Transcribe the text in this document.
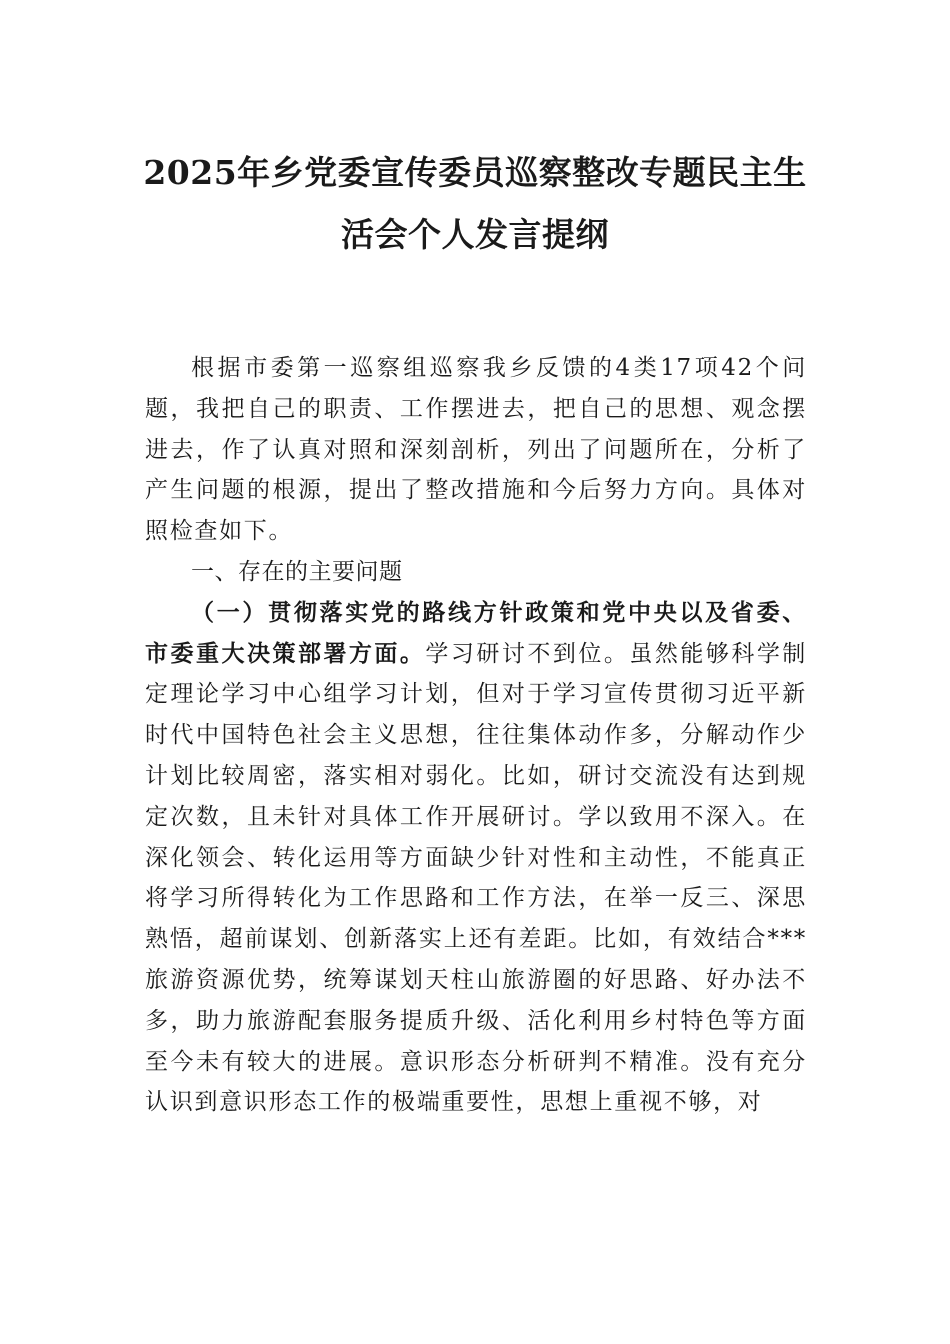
2025年乡党委宣传委员巡察整改专题民主生活会个人发言提纲

根据市委第一巡察组巡察我乡反馈的4类17项42个问题，我把自己的职责、工作摆进去，把自己的思想、观念摆进去，作了认真对照和深刻剖析，列出了问题所在，分析了产生问题的根源，提出了整改措施和今后努力方向。具体对照检查如下。

一、存在的主要问题

（一）贯彻落实党的路线方针政策和党中央以及省委、市委重大决策部署方面。学习研讨不到位。虽然能够科学制定理论学习中心组学习计划，但对于学习宣传贯彻习近平新时代中国特色社会主义思想，往往集体动作多，分解动作少计划比较周密，落实相对弱化。比如，研讨交流没有达到规定次数，且未针对具体工作开展研讨。学以致用不深入。在深化领会、转化运用等方面缺少针对性和主动性，不能真正将学习所得转化为工作思路和工作方法，在举一反三、深思熟悟，超前谋划、创新落实上还有差距。比如，有效结合***旅游资源优势，统筹谋划天柱山旅游圈的好思路、好办法不多，助力旅游配套服务提质升级、活化利用乡村特色等方面至今未有较大的进展。意识形态分析研判不精准。没有充分认识到意识形态工作的极端重要性，思想上重视不够，对
